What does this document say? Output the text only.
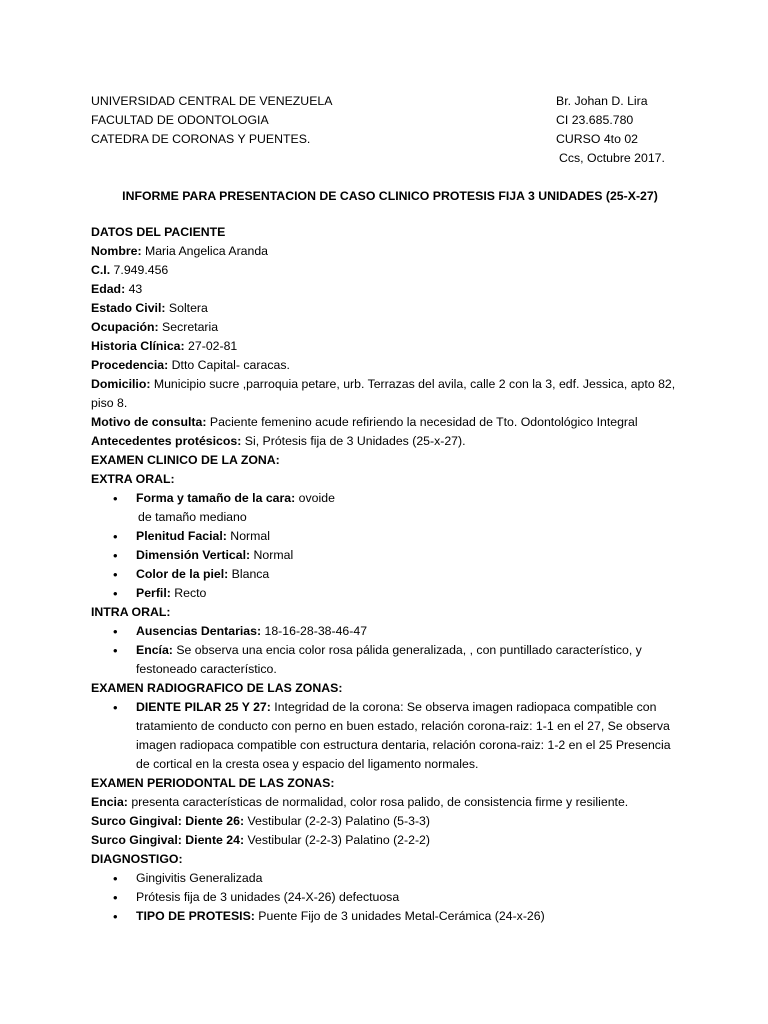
UNIVERSIDAD CENTRAL DE VENEZUELA	Br. Johan D. Lira
FACULTAD DE ODONTOLOGIA	CI 23.685.780
CATEDRA DE CORONAS Y PUENTES.	CURSO 4to 02
Ccs, Octubre 2017.
INFORME PARA PRESENTACION DE CASO CLINICO PROTESIS FIJA 3 UNIDADES (25-X-27)
DATOS DEL PACIENTE
Nombre: Maria Angelica Aranda
C.I. 7.949.456
Edad: 43
Estado Civil: Soltera
Ocupación: Secretaria
Historia Clínica: 27-02-81
Procedencia: Dtto Capital- caracas.
Domicilio: Municipio sucre ,parroquia petare, urb. Terrazas del avila, calle 2 con la 3, edf. Jessica, apto 82, piso 8.
Motivo de consulta: Paciente femenino acude refiriendo la necesidad de Tto. Odontológico Integral
Antecedentes protésicos: Si, Prótesis fija de 3 Unidades (25-x-27).
EXAMEN CLINICO DE LA ZONA:
EXTRA ORAL:
• Forma y tamaño de la cara: ovoide
de tamaño mediano
• Plenitud Facial: Normal
• Dimensión Vertical: Normal
• Color de la piel: Blanca
• Perfil: Recto
INTRA ORAL:
• Ausencias Dentarias: 18-16-28-38-46-47
• Encía: Se observa una encia color rosa pálida generalizada, , con puntillado característico, y festoneado característico.
EXAMEN RADIOGRAFICO DE LAS ZONAS:
• DIENTE PILAR 25 Y 27: Integridad de la corona: Se observa imagen radiopaca compatible con tratamiento de conducto con perno en buen estado, relación corona-raiz: 1-1 en el 27, Se observa imagen radiopaca compatible con estructura dentaria, relación corona-raiz: 1-2 en el 25 Presencia de cortical en la cresta osea y espacio del ligamento normales.
EXAMEN PERIODONTAL DE LAS ZONAS:
Encia: presenta características de normalidad, color rosa palido, de consistencia firme y resiliente.
Surco Gingival: Diente 26: Vestibular (2-2-3) Palatino (5-3-3)
Surco Gingival: Diente 24: Vestibular (2-2-3) Palatino (2-2-2)
DIAGNOSTIGO:
• Gingivitis Generalizada
• Prótesis fija de 3 unidades (24-X-26) defectuosa
• TIPO DE PROTESIS: Puente Fijo de 3 unidades Metal-Cerámica (24-x-26)
